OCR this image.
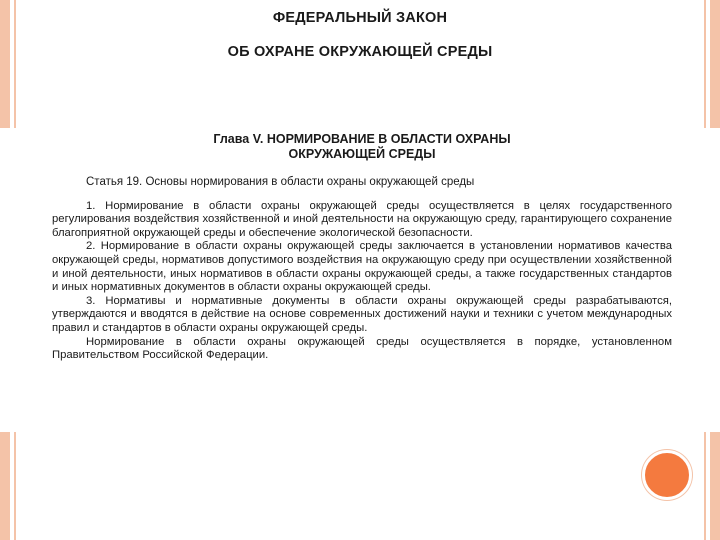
ФЕДЕРАЛЬНЫЙ ЗАКОН
ОБ ОХРАНЕ ОКРУЖАЮЩЕЙ СРЕДЫ
Глава V. НОРМИРОВАНИЕ В ОБЛАСТИ ОХРАНЫ
ОКРУЖАЮЩЕЙ СРЕДЫ
Статья 19. Основы нормирования в области охраны окружающей среды

1. Нормирование в области охраны окружающей среды осуществляется в целях государственного регулирования воздействия хозяйственной и иной деятельности на окружающую среду, гарантирующего сохранение благоприятной окружающей среды и обеспечение экологической безопасности.

2. Нормирование в области охраны окружающей среды заключается в установлении нормативов качества окружающей среды, нормативов допустимого воздействия на окружающую среду при осуществлении хозяйственной и иной деятельности, иных нормативов в области охраны окружающей среды, а также государственных стандартов и иных нормативных документов в области охраны окружающей среды.

3. Нормативы и нормативные документы в области охраны окружающей среды разрабатываются, утверждаются и вводятся в действие на основе современных достижений науки и техники с учетом международных правил и стандартов в области охраны окружающей среды.

Нормирование в области охраны окружающей среды осуществляется в порядке, установленном Правительством Российской Федерации.
